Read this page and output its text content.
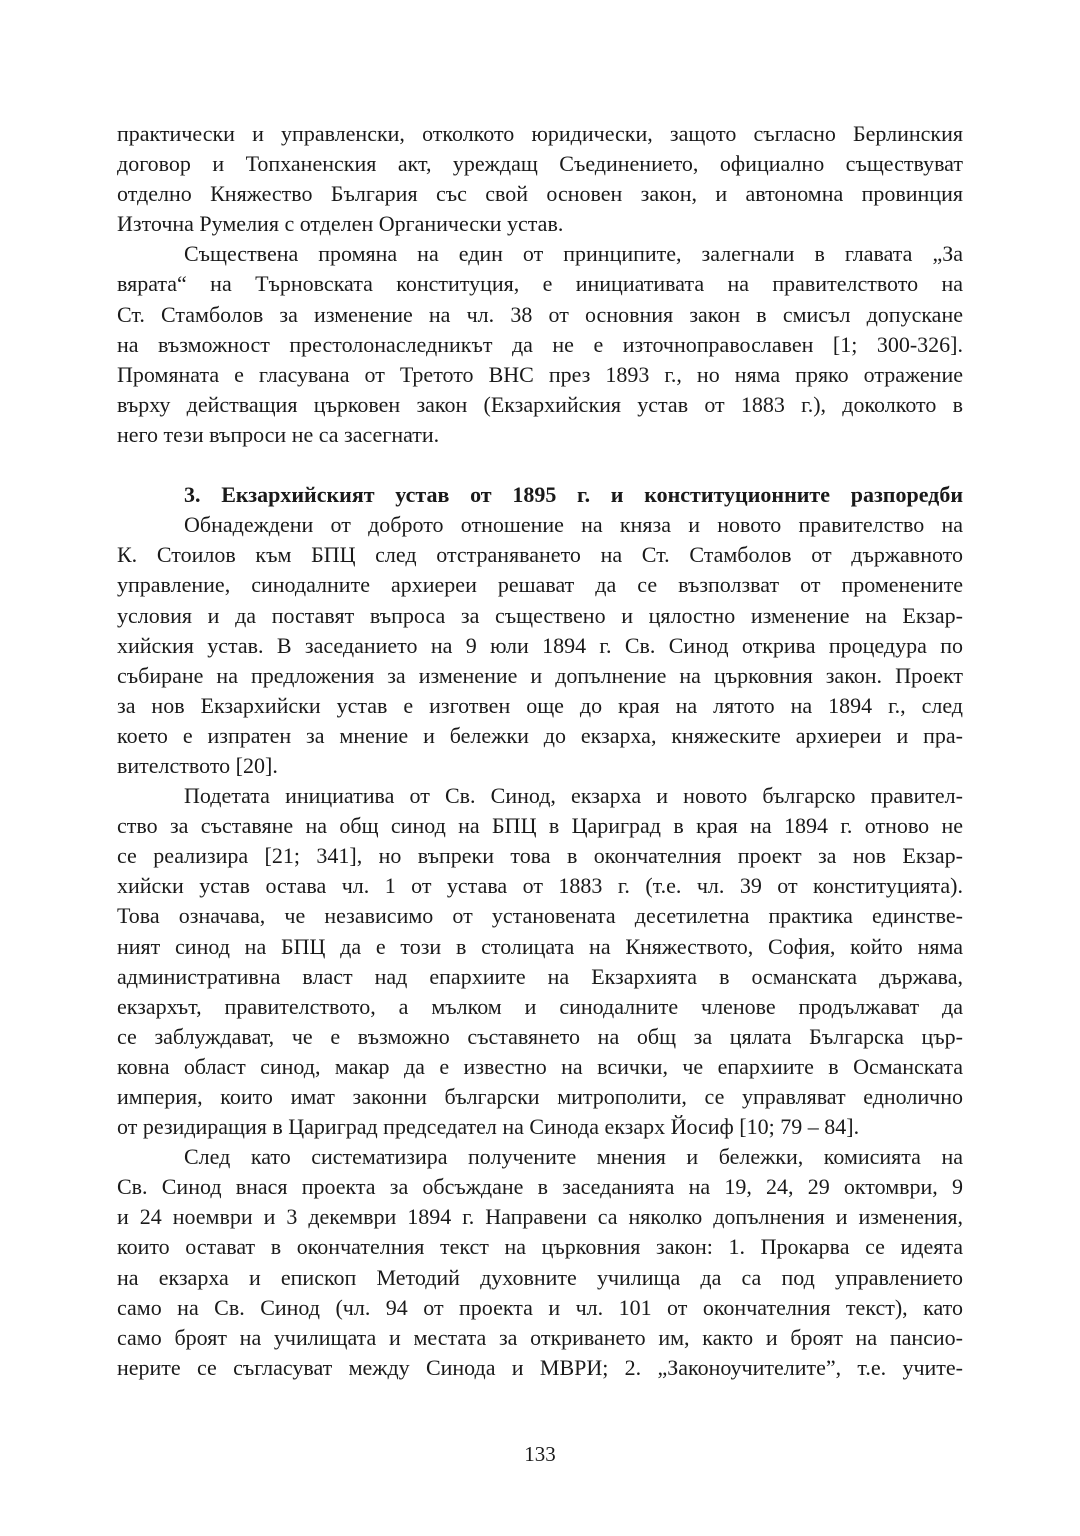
практически и управленски, отколкото юридически, защото съгласно Берлинския
договор и Топханенския акт, уреждащ Съединението, официално съществуват
отделно Княжество България със свой основен закон, и автономна провинция
Източна Румелия с отделен Органически устав.
Съществена промяна на един от принципите, залегнали в главата „За
вярата“ на Търновската конституция, е инициативата на правителството на
Ст. Стамболов за изменение на чл. 38 от основния закон в смисъл допускане
на възможност престолонаследникът да не е източноправославен [1; 300-326].
Промяната е гласувана от Третото ВНС през 1893 г., но няма пряко отражение
върху действащия църковен закон (Екзархийския устав от 1883 г.), доколкото в
него тези въпроси не са засегнати.
3. Екзархийският устав от 1895 г. и конституционните разпоредби
Обнадеждени от доброто отношение на княза и новото правителство на
К. Стоилов към БПЦ след отстраняването на Ст. Стамболов от държавното
управление, синодалните архиереи решават да се възползват от променените
условия и да поставят въпроса за съществено и цялостно изменение на Екзар-
хийския устав. В заседанието на 9 юли 1894 г. Св. Синод открива процедура по
събиране на предложения за изменение и допълнение на църковния закон. Проект
за нов Екзархийски устав е изготвен още до края на лятото на 1894 г., след
което е изпратен за мнение и бележки до екзарха, княжеските архиереи и пра-
вителството [20].
Подетата инициатива от Св. Синод, екзарха и новото българско правител-
ство за съставяне на общ синод на БПЦ в Цариград в края на 1894 г. отново не
се реализира [21; 341], но въпреки това в окончателния проект за нов Екзар-
хийски устав остава чл. 1 от устава от 1883 г. (т.е. чл. 39 от конституцията).
Това означава, че независимо от установената десетилетна практика единстве-
ният синод на БПЦ да е този в столицата на Княжеството, София, който няма
административна власт над епархиите на Екзархията в османската държава,
екзархът, правителството, а мълком и синодалните членове продължават да
се заблуждават, че е възможно съставянето на общ за цялата Българска цър-
ковна област синод, макар да е известно на всички, че епархиите в Османската
империя, които имат законни български митрополити, се управляват еднолично
от резидиращия в Цариград председател на Синода екзарх Йосиф [10; 79 – 84].
След като систематизира получените мнения и бележки, комисията на
Св. Синод внася проекта за обсъждане в заседанията на 19, 24, 29 октомври, 9
и 24 ноември и 3 декември 1894 г. Направени са няколко допълнения и изменения,
които остават в окончателния текст на църковния закон: 1. Прокарва се идеята
на екзарха и епископ Методий духовните училища да са под управлението
само на Св. Синод (чл. 94 от проекта и чл. 101 от окончателния текст), като
само броят на училищата и местата за откриването им, както и броят на пансио-
нерите се съгласуват между Синода и МВРИ; 2. „Законоучителите”, т.е. учите-
133
